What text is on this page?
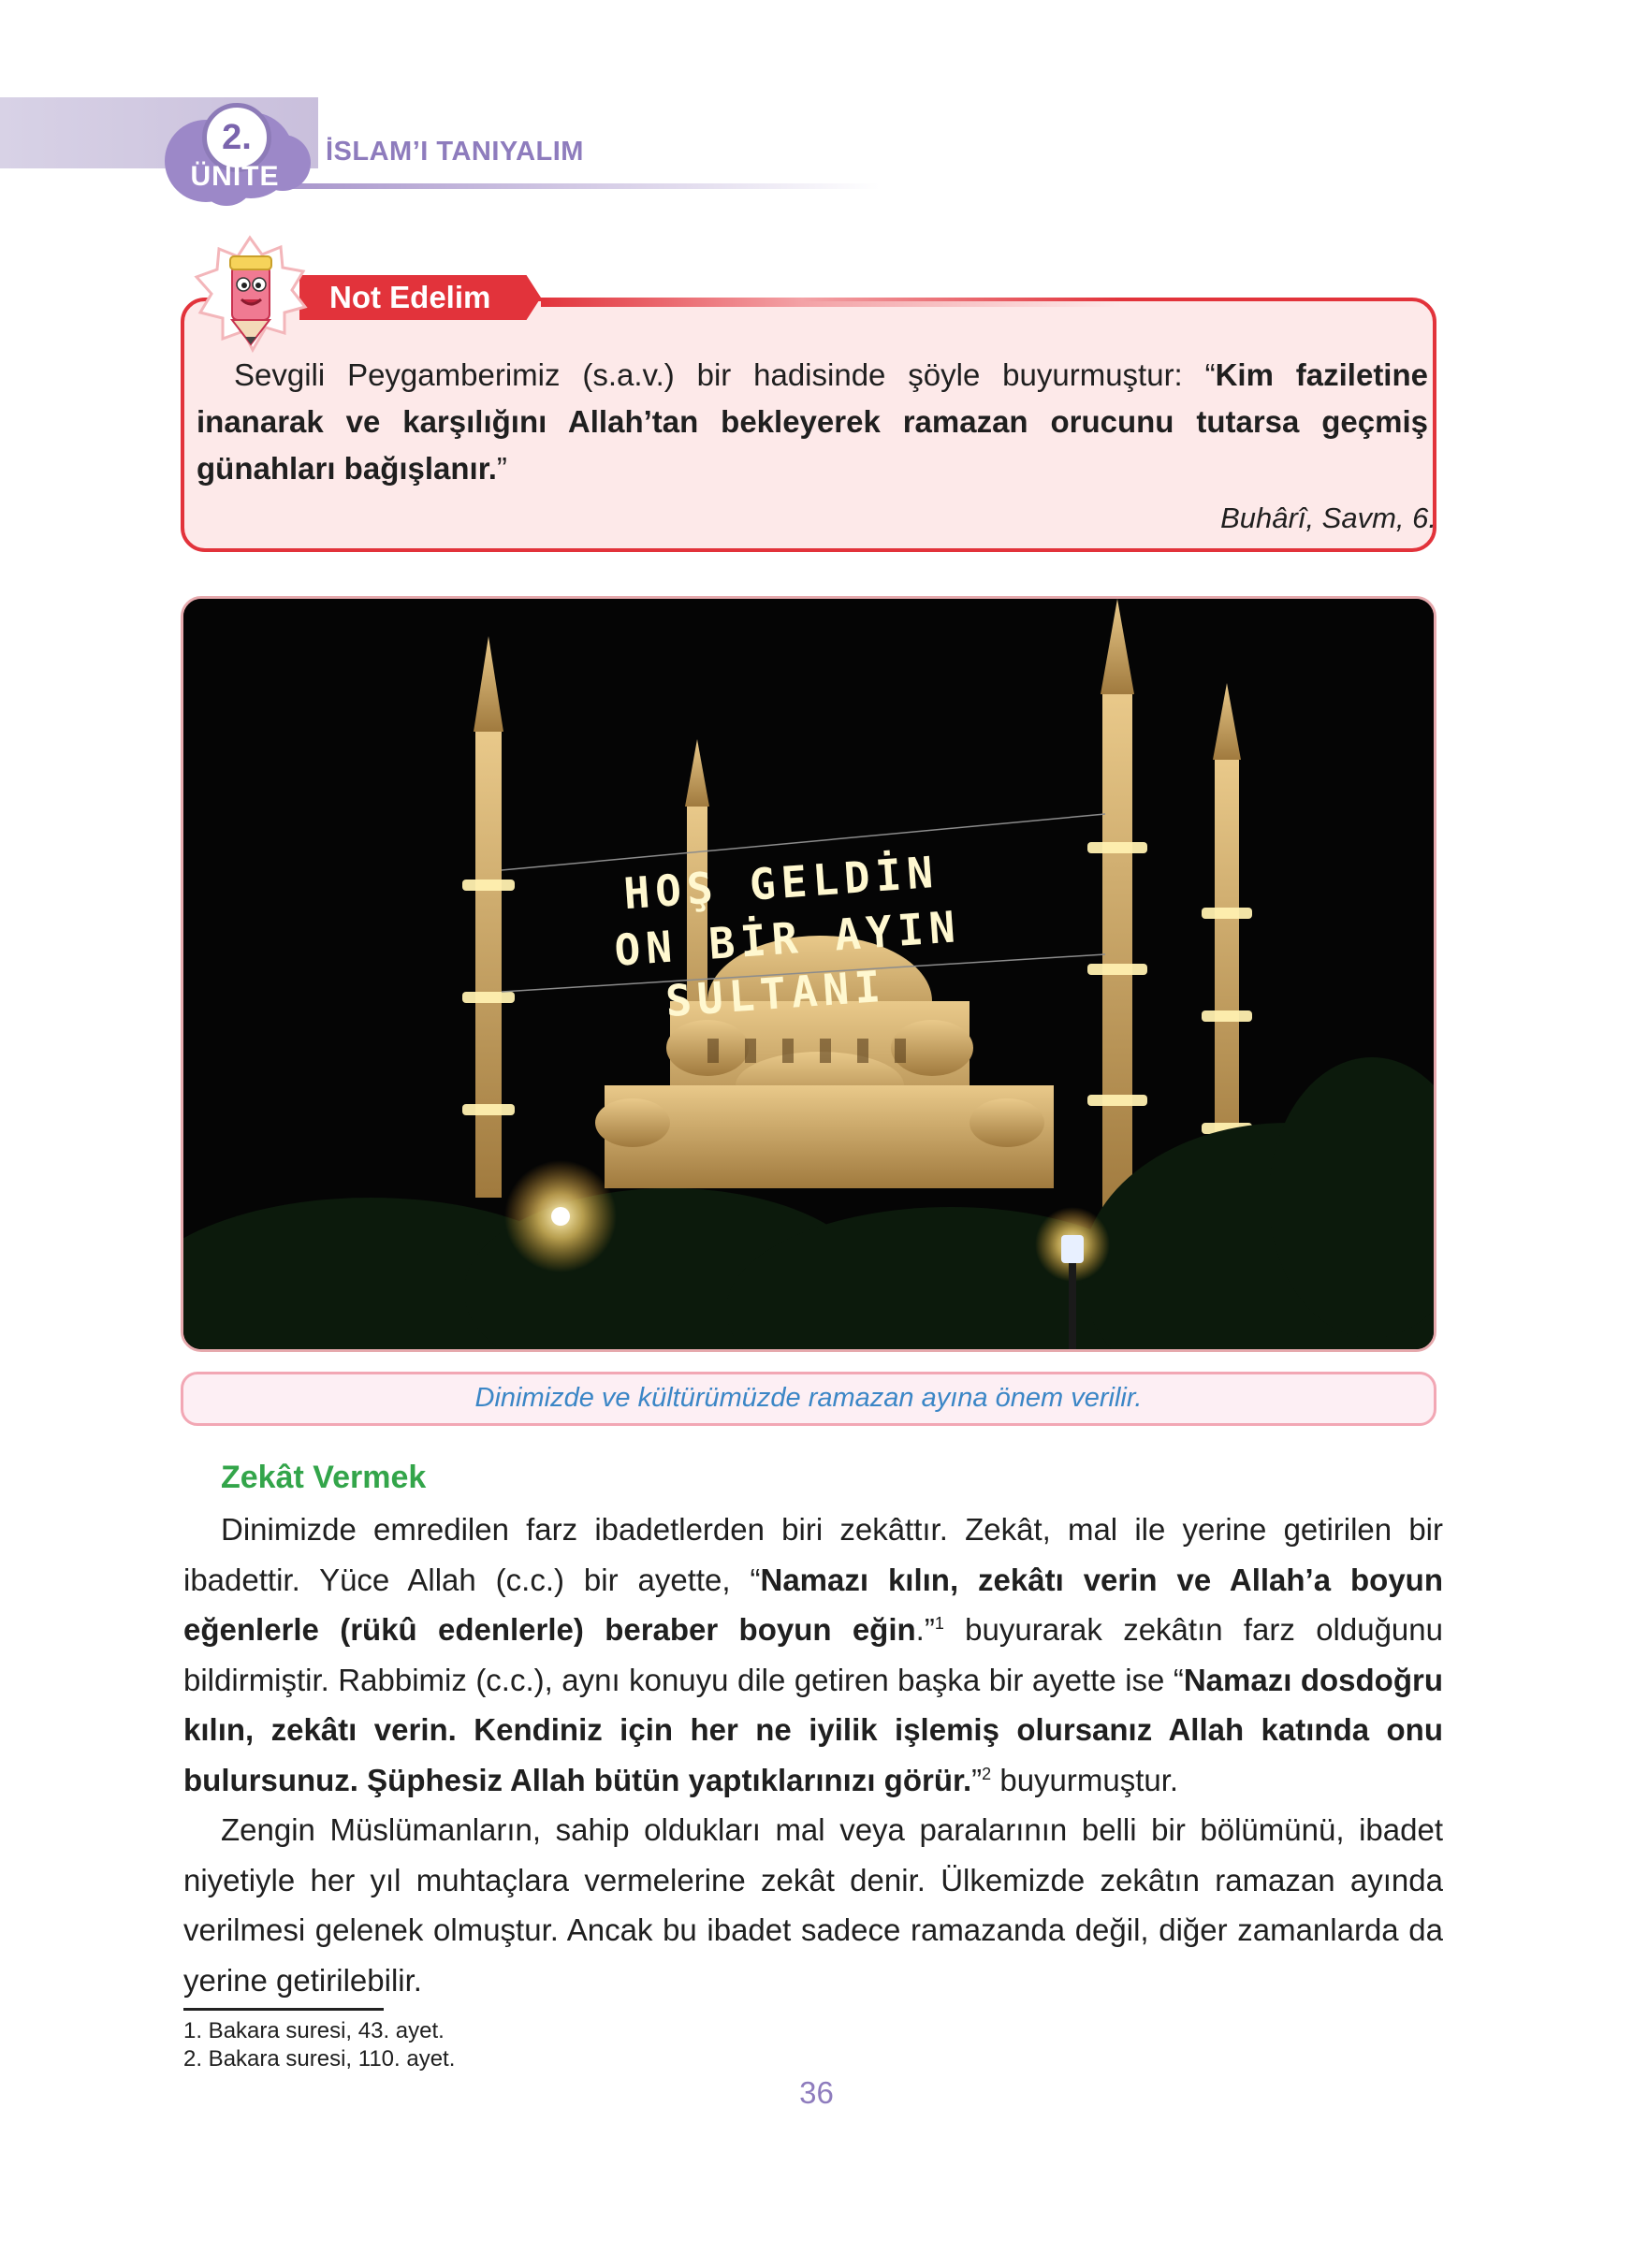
2.
ÜNİTE
İSLAM’I TANIYALIM
Not Edelim
Sevgili Peygamberimiz (s.a.v.) bir hadisinde şöyle buyurmuştur: “Kim faziletine inanarak ve karşılığını Allah’tan bekleyerek ramazan orucunu tutarsa geçmiş günahları bağışlanır.”
Buhârî, Savm, 6.
HOŞ GELDİN
ON BİR AYIN
SULTANI
Dinimizde ve kültürümüzde ramazan ayına önem verilir.
Zekât Vermek

Dinimizde emredilen farz ibadetlerden biri zekâttır. Zekât, mal ile yerine getirilen bir ibadettir. Yüce Allah (c.c.) bir ayette, “Namazı kılın, zekâtı verin ve Allah’a boyun eğenlerle (rükû edenlerle) beraber boyun eğin.”$^1$ buyurarak zekâtın farz olduğunu bildirmiştir. Rabbimiz (c.c.), aynı konuyu dile getiren başka bir ayette ise “Namazı dosdoğru kılın, zekâtı verin. Kendiniz için her ne iyilik işlemiş olursanız Allah katında onu bulursunuz. Şüphesiz Allah bütün yaptıklarınızı görür.”$^2$ buyurmuştur.

Zengin Müslümanların, sahip oldukları mal veya paralarının belli bir bölümünü, ibadet niyetiyle her yıl muhtaçlara vermelerine zekât denir. Ülkemizde zekâtın ramazan ayında verilmesi gelenek olmuştur. Ancak bu ibadet sadece ramazanda değil, diğer zamanlarda da yerine getirilebilir.

1. Bakara suresi, 43. ayet.
2. Bakara suresi, 110. ayet.
36
